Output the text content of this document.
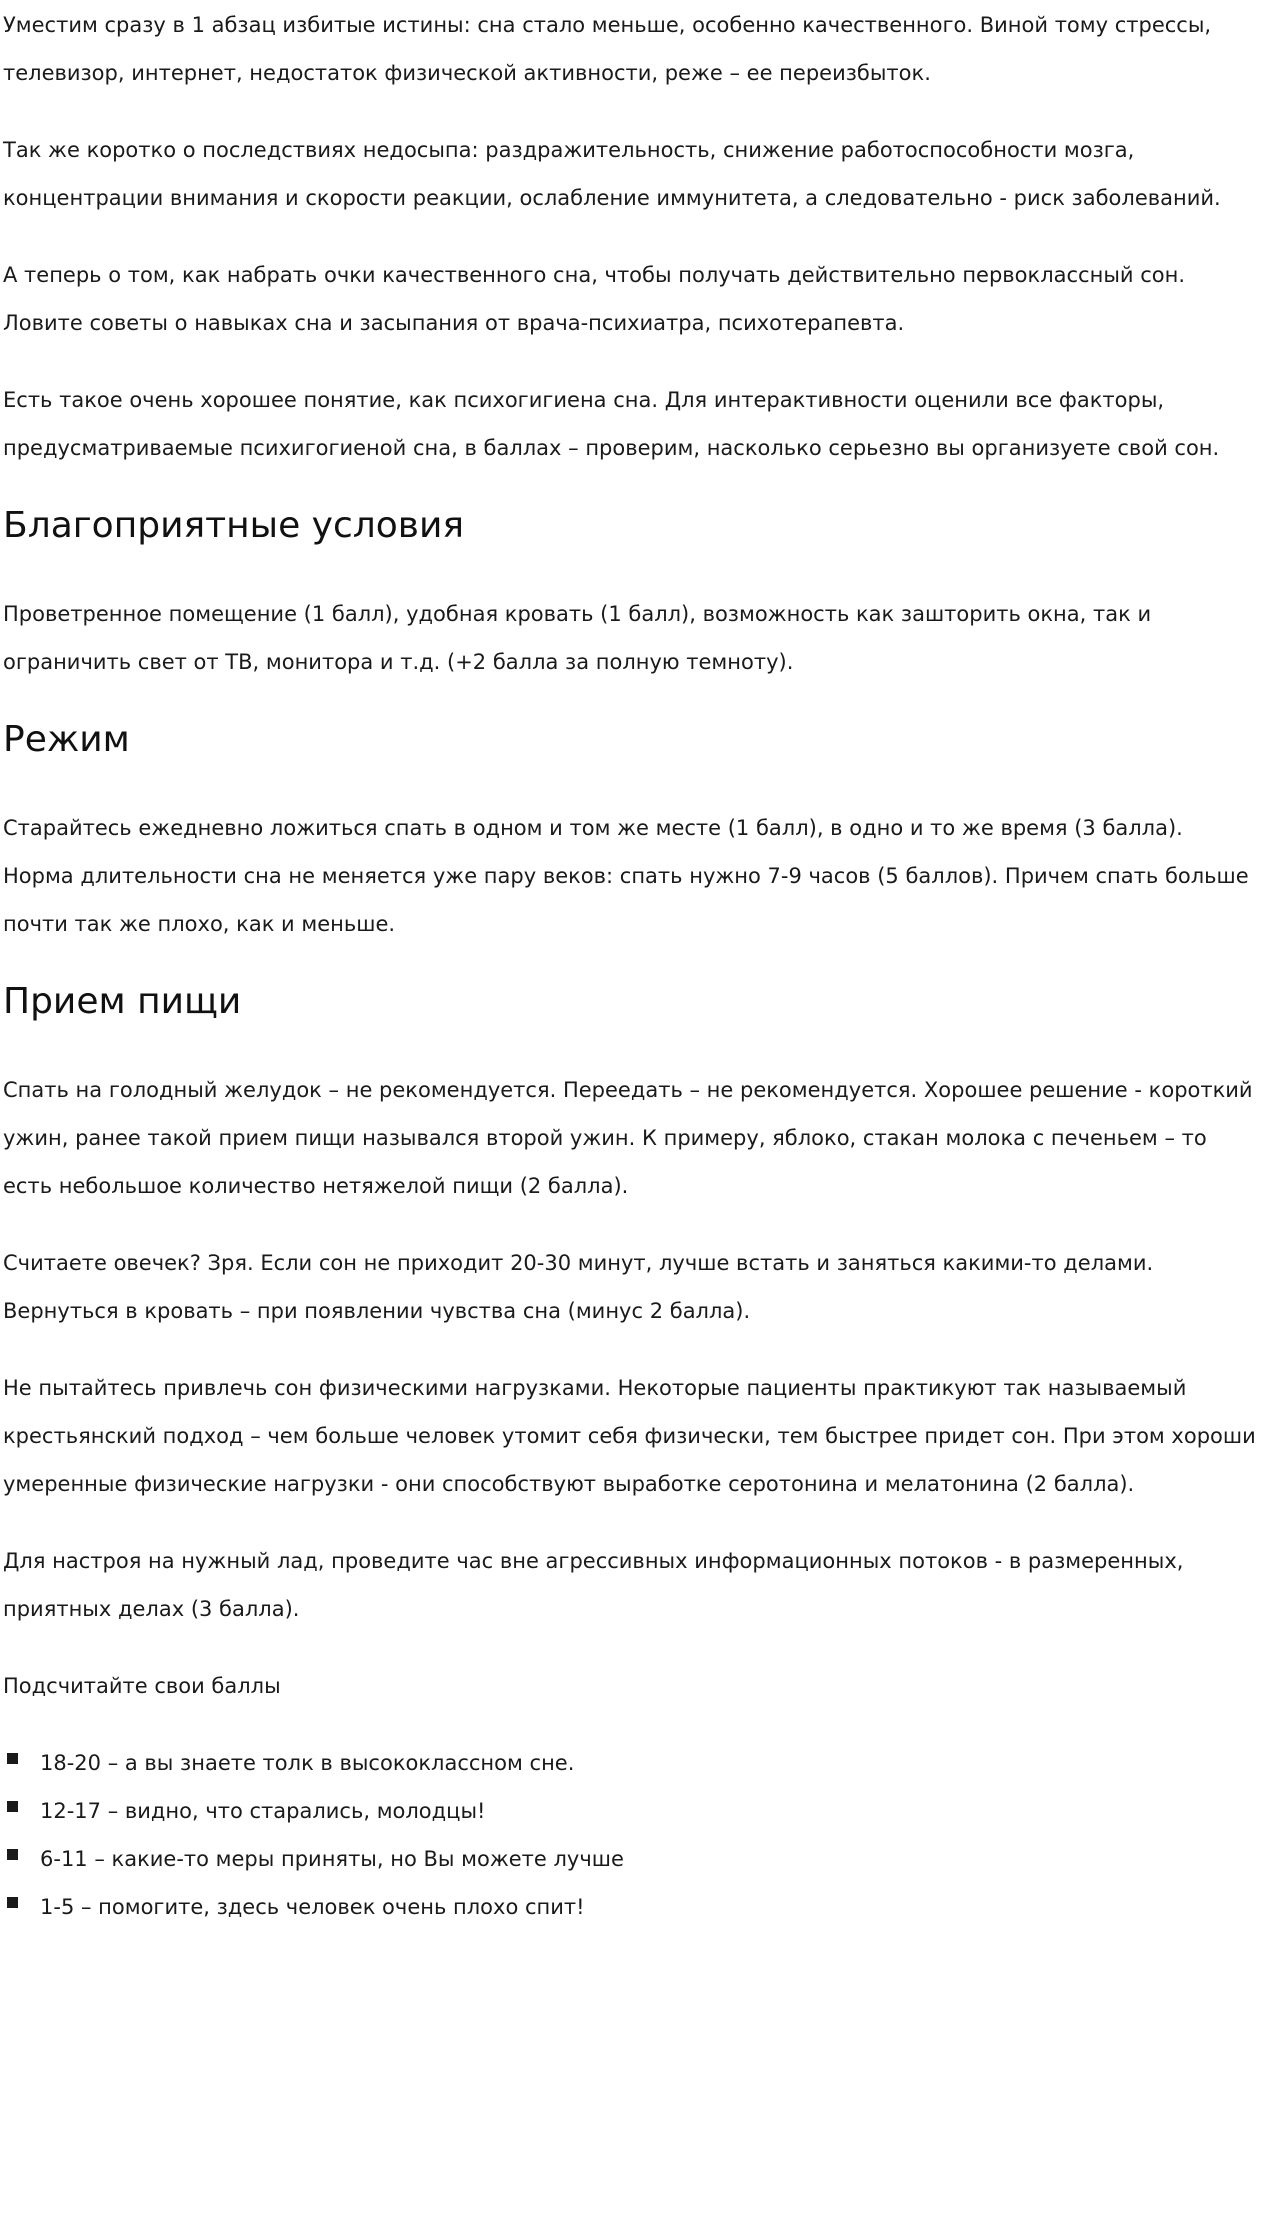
Уместим сразу в 1 абзац избитые истины: сна стало меньше, особенно качественного. Виной тому стрессы, телевизор, интернет, недостаток физической активности, реже – ее переизбыток.

Так же коротко о последствиях недосыпа: раздражительность, снижение работоспособности мозга, концентрации внимания и скорости реакции, ослабление иммунитета, а следовательно - риск заболеваний.

А теперь о том, как набрать очки качественного сна, чтобы получать действительно первоклассный сон. Ловите советы о навыках сна и засыпания от врача-психиатра, психотерапевта.

Есть такое очень хорошее понятие, как психогигиена сна. Для интерактивности оценили все факторы, предусматриваемые психигогиеной сна, в баллах – проверим, насколько серьезно вы организуете свой сон.

Благоприятные условия

Проветренное помещение (1 балл), удобная кровать (1 балл), возможность как зашторить окна, так и ограничить свет от ТВ, монитора и т.д. (+2 балла за полную темноту).

Режим

Старайтесь ежедневно ложиться спать в одном и том же месте (1 балл), в одно и то же время (3 балла). Норма длительности сна не меняется уже пару веков: спать нужно 7-9 часов (5 баллов). Причем спать больше почти так же плохо, как и меньше.

Прием пищи

Спать на голодный желудок – не рекомендуется. Переедать – не рекомендуется. Хорошее решение - короткий ужин, ранее такой прием пищи назывался второй ужин. К примеру, яблоко, стакан молока с печеньем – то есть небольшое количество нетяжелой пищи (2 балла).

Считаете овечек? Зря. Если сон не приходит 20-30 минут, лучше встать и заняться какими-то делами. Вернуться в кровать – при появлении чувства сна (минус 2 балла).

Не пытайтесь привлечь сон физическими нагрузками. Некоторые пациенты практикуют так называемый крестьянский подход – чем больше человек утомит себя физически, тем быстрее придет сон. При этом хороши умеренные физические нагрузки - они способствуют выработке серотонина и мелатонина (2 балла).

Для настроя на нужный лад, проведите час вне агрессивных информационных потоков - в размеренных, приятных делах (3 балла).

Подсчитайте свои баллы

18-20 – а вы знаете толк в высококлассном сне.
12-17 – видно, что старались, молодцы!
6-11 – какие-то меры приняты, но Вы можете лучше
1-5 – помогите, здесь человек очень плохо спит!
